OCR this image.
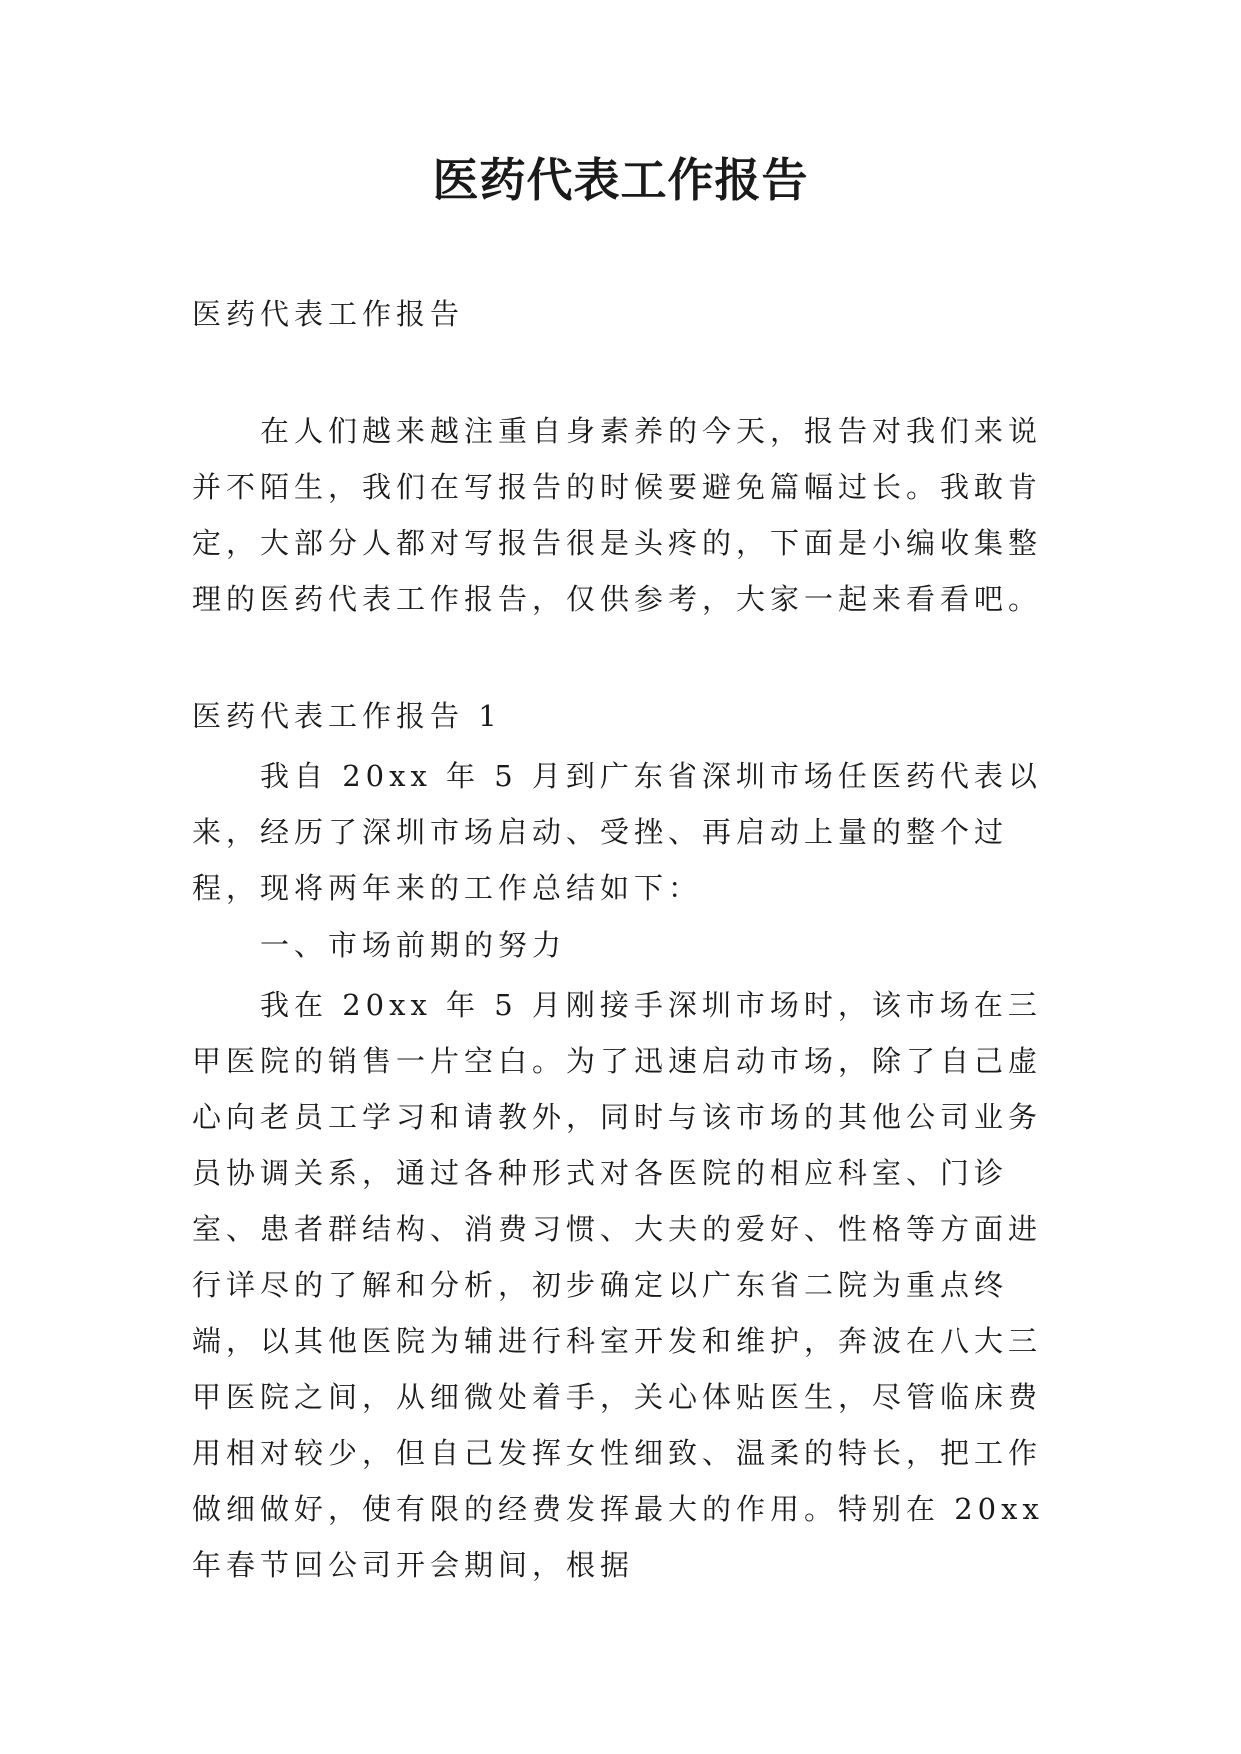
医药代表工作报告

医药代表工作报告

在人们越来越注重自身素养的今天，报告对我们来说并不陌生，我们在写报告的时候要避免篇幅过长。我敢肯定，大部分人都对写报告很是头疼的，下面是小编收集整理的医药代表工作报告，仅供参考，大家一起来看看吧。

医药代表工作报告 1

我自 20xx 年 5 月到广东省深圳市场任医药代表以来，经历了深圳市场启动、受挫、再启动上量的整个过程，现将两年来的工作总结如下：

一、市场前期的努力

我在 20xx 年 5 月刚接手深圳市场时，该市场在三甲医院的销售一片空白。为了迅速启动市场，除了自己虚心向老员工学习和请教外，同时与该市场的其他公司业务员协调关系，通过各种形式对各医院的相应科室、门诊室、患者群结构、消费习惯、大夫的爱好、性格等方面进行详尽的了解和分析，初步确定以广东省二院为重点终端，以其他医院为辅进行科室开发和维护，奔波在八大三甲医院之间，从细微处着手，关心体贴医生，尽管临床费用相对较少，但自己发挥女性细致、温柔的特长，把工作做细做好，使有限的经费发挥最大的作用。特别在 20xx 年春节回公司开会期间，根据
